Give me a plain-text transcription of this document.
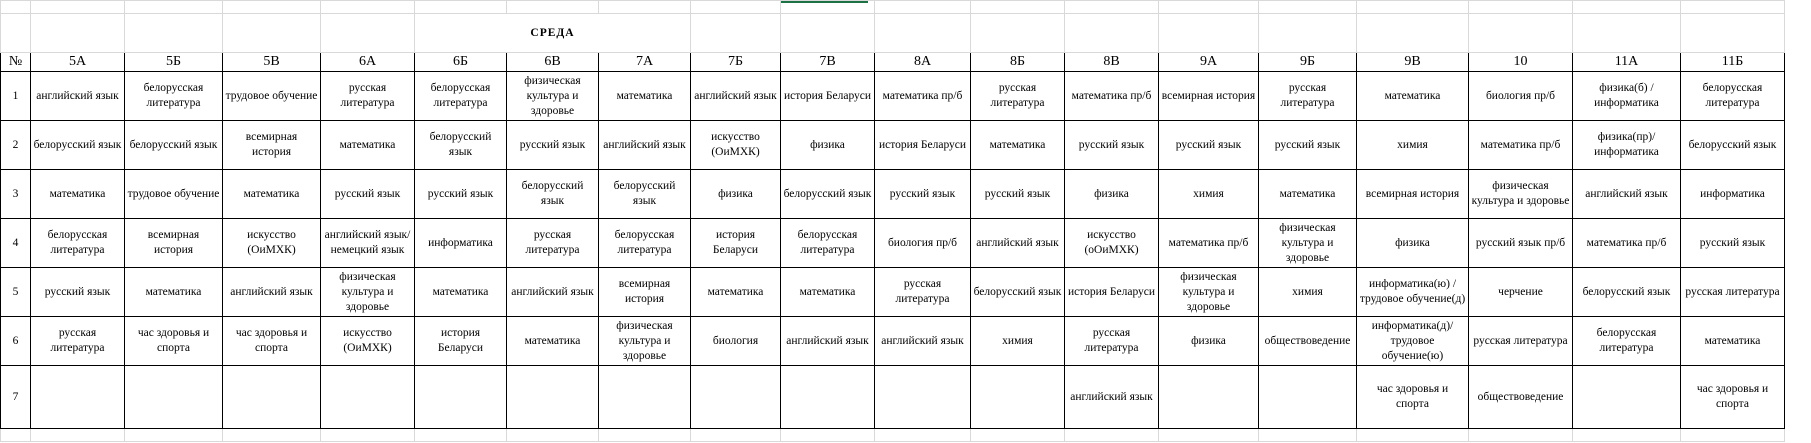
					СРЕДА													
№	5А	5Б	5В	6А	6Б	6В	7А	7Б	7В	8А	8Б	8В	9А	9Б	9В	10	11А	11Б
1	английский язык	белорусская литература	трудовое обучение	русская литература	белорусская литература	физическая культура и здоровье	математика	английский язык	история Беларуси	математика пр/б	русская литература	математика пр/б	всемирная история	русская литература	математика	биология пр/б	физика(б) /информатика	белорусская литература
2	белорусский язык	белорусский язык	всемирная история	математика	белорусский язык	русский язык	английский язык	искусство (ОиМХК)	физика	история Беларуси	математика	русский язык	русский язык	русский язык	химия	математика пр/б	физика(пр)/ информатика	белорусский язык
3	математика	трудовое обучение	математика	русский язык	русский язык	белорусский язык	белорусский язык	физика	белорусский язык	русский язык	русский язык	физика	химия	математика	всемирная история	физическая культура и здоровье	английский язык	информатика
4	белорусская литература	всемирная история	искусство (ОиМХК)	английский язык/немецкий язык	информатика	русская литература	белорусская литература	история Беларуси	белорусская литература	биология пр/б	английский язык	искусство (оОиМХК)	математика пр/б	физическая культура и здоровье	физика	русский язык пр/б	математика пр/б	русский язык
5	русский язык	математика	английский язык	физическая культура и здоровье	математика	английский язык	всемирная история	математика	математика	русская литература	белорусский язык	история Беларуси	физическая культура и здоровье	химия	информатика(ю) /трудовое обучение(д)	черчение	белорусский язык	русская литература
6	русская литература	час здоровья и спорта	час здоровья и спорта	искусство (ОиМХК)	история Беларуси	математика	физическая культура и здоровье	биология	английский язык	английский язык	химия	русская литература	физика	обществоведение	информатика(д)/ трудовое обучение(ю)	русская литература	белорусская литература	математика
7												английский язык			час здоровья и спорта	обществоведение		час здоровья и спорта
